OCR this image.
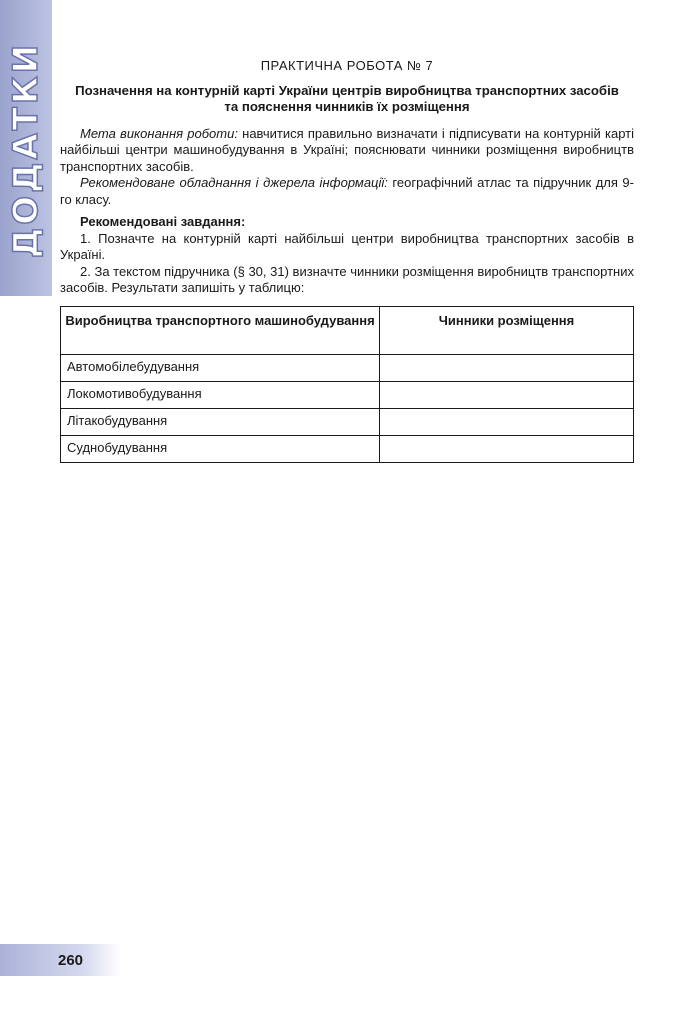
ДОДАТКИ	ПРАКТИЧНА РОБОТА № 7
Позначення на контурній карті України центрів виробництва транспортних засобів
та пояснення чинників їх розміщення

Мета виконання роботи: навчитися правильно визначати і підписувати на контурній карті найбільші центри машинобудування в Україні; пояснювати чинники розміщення виробництв транспортних засобів.

Рекомендоване обладнання і джерела інформації: географічний атлас та підручник для 9-го класу.

Рекомендовані завдання:

1. Позначте на контурній карті найбільші центри виробництва транспортних засобів в Україні.

2. За текстом підручника (§ 30, 31) визначте чинники розміщення виробництв транспортних засобів. Результати запишіть у таблицю:

Виробництва транспортного машинобудування	Чинники розміщення
Автомобілебудування	
Локомотивобудування	
Літакобудування	
Суднобудування	
260
